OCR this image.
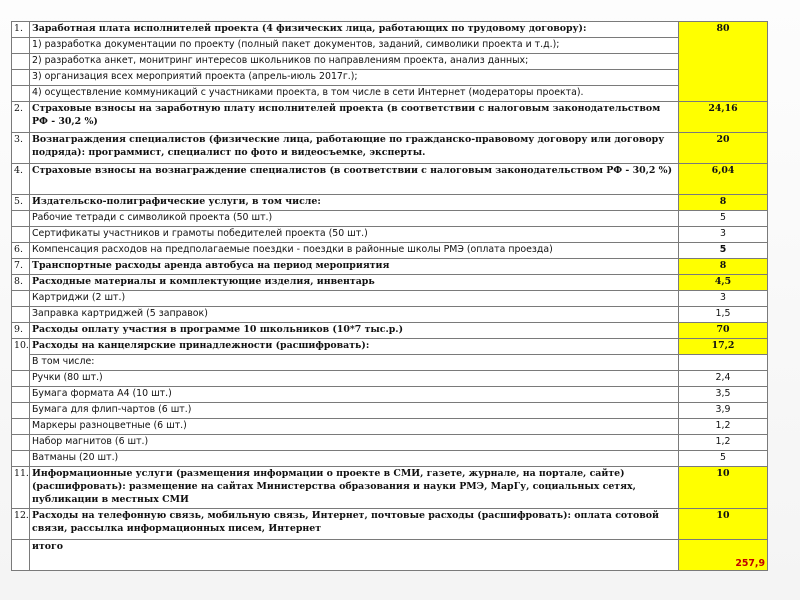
1.	Заработная плата исполнителей проекта (4 физических лица, работающих по трудовому договору):	80
	1) разработка документации по проекту (полный пакет документов, заданий, символики проекта и т.д.);	
	2) разработка анкет, монитринг интересов школьников по направлениям проекта, анализ данных;	
	3) организация всех мероприятий проекта (апрель-июль 2017г.);	
	4) осуществление коммуникаций с участниками проекта, в том числе в сети Интернет (модераторы проекта).	
2.	Страховые взносы на заработную плату исполнителей проекта (в соответствии с налоговым законодательством РФ - 30,2 %)	24,16
3.	Вознаграждения специалистов (физические лица, работающие по гражданско-правовому договору или договору подряда): программист, специалист по фото и видеосъемке, эксперты.	20
4.	Страховые взносы на вознаграждение специалистов (в соответствии с налоговым законодательством РФ - 30,2 %)	6,04
5.	Издательско-полиграфические услуги, в том числе:	8
	Рабочие тетради с символикой проекта (50 шт.)	5
	Сертификаты участников и грамоты победителей проекта (50 шт.)	3
6.	Компенсация расходов на предполагаемые поездки - поездки в районные школы РМЭ (оплата проезда)	5
7.	Транспортные расходы аренда автобуса на период мероприятия	8
8.	Расходные материалы и комплектующие изделия, инвентарь	4,5
	Картриджи (2 шт.)	3
	Заправка картриджей (5 заправок)	1,5
9.	Расходы оплату участия в программе 10 школьников (10*7 тыс.р.)	70
10.	Расходы на канцелярские принадлежности (расшифровать):	17,2
	В том числе:	
	Ручки (80 шт.)	2,4
	Бумага формата А4 (10 шт.)	3,5
	Бумага для флип-чартов (6 шт.)	3,9
	Маркеры разноцветные (6 шт.)	1,2
	Набор магнитов (6 шт.)	1,2
	Ватманы (20 шт.)	5
11.	Информационные услуги (размещения информации о проекте в СМИ, газете, журнале, на портале, сайте) (расшифровать): размещение на сайтах Министерства образования и науки РМЭ, МарГу, социальных сетях, публикации в местных СМИ	10
12.	Расходы на телефонную связь, мобильную связь, Интернет, почтовые расходы (расшифровать): оплата сотовой связи, рассылка информационных писем, Интернет	10
	итого	257,9
